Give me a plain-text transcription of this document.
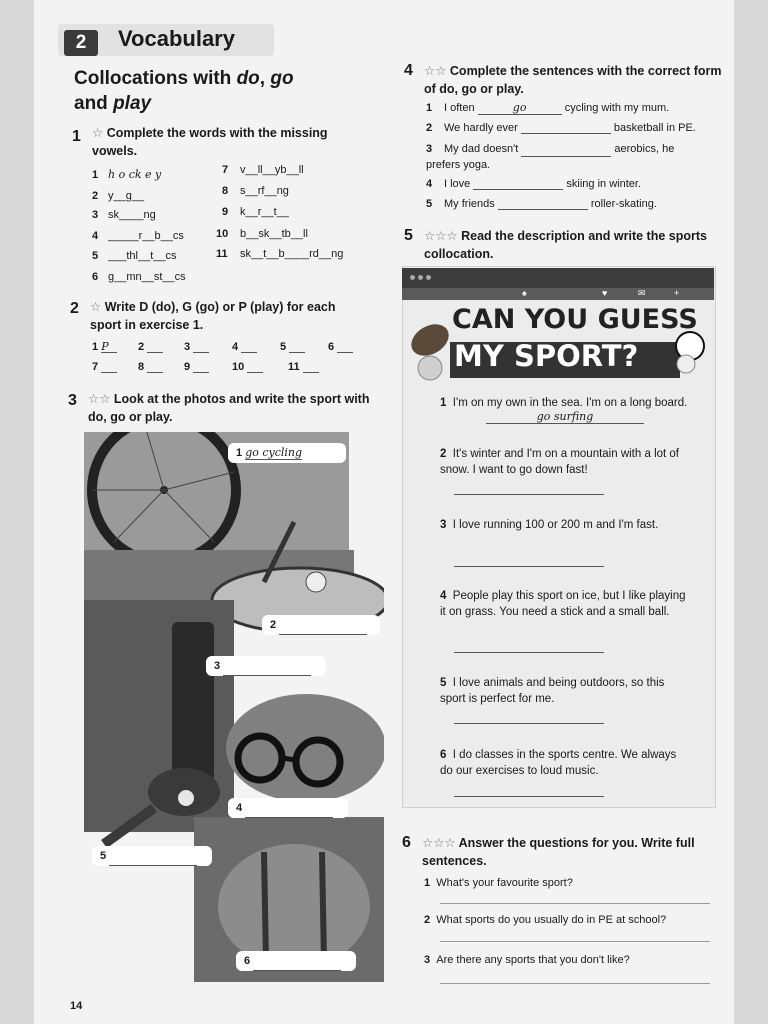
2	Vocabulary
Collocations with do, go
and play
1 ☆ Complete the words with the missing vowels.
1 h o ck e y
2 y__g__
3 sk____ng
4 _____r__b__cs
5 ___thl__t__cs
6 g__mn__st__cs
7 v__ll__yb__ll
8 s__rf__ng
9 k__r__t__
10 b__sk__tb__ll
11 sk__t__b____rd__ng
2 ☆ Write D (do), G (go) or P (play) for each sport in exercise 1.
1 P	2	3	4	5	6
7	8	9	10	11
3 ☆☆ Look at the photos and write the sport with do, go or play.
1 go cycling
2
3
4
5
6
4 ☆☆ Complete the sentences with the correct form of do, go or play.
1 I often	go	cycling with my mum.
2 We hardly ever	basketball in PE.
3 My dad doesn't	aerobics, he prefers yoga.
4 I love	skiing in winter.
5 My friends	roller-skating.
5 ☆☆☆ Read the description and write the sports collocation.
♠	♥	✉	+
CAN YOU GUESS
MY SPORT?
1 I'm on my own in the sea. I'm on a long board.
go surfing
2 It's winter and I'm on a mountain with a lot of snow. I want to go down fast!
3 I love running 100 or 200 m and I'm fast.
4 People play this sport on ice, but I like playing it on grass. You need a stick and a small ball.
5 I love animals and being outdoors, so this sport is perfect for me.
6 I do classes in the sports centre. We always do our exercises to loud music.
6 ☆☆☆ Answer the questions for you. Write full sentences.
1 What's your favourite sport?
2 What sports do you usually do in PE at school?
3 Are there any sports that you don't like?
14
